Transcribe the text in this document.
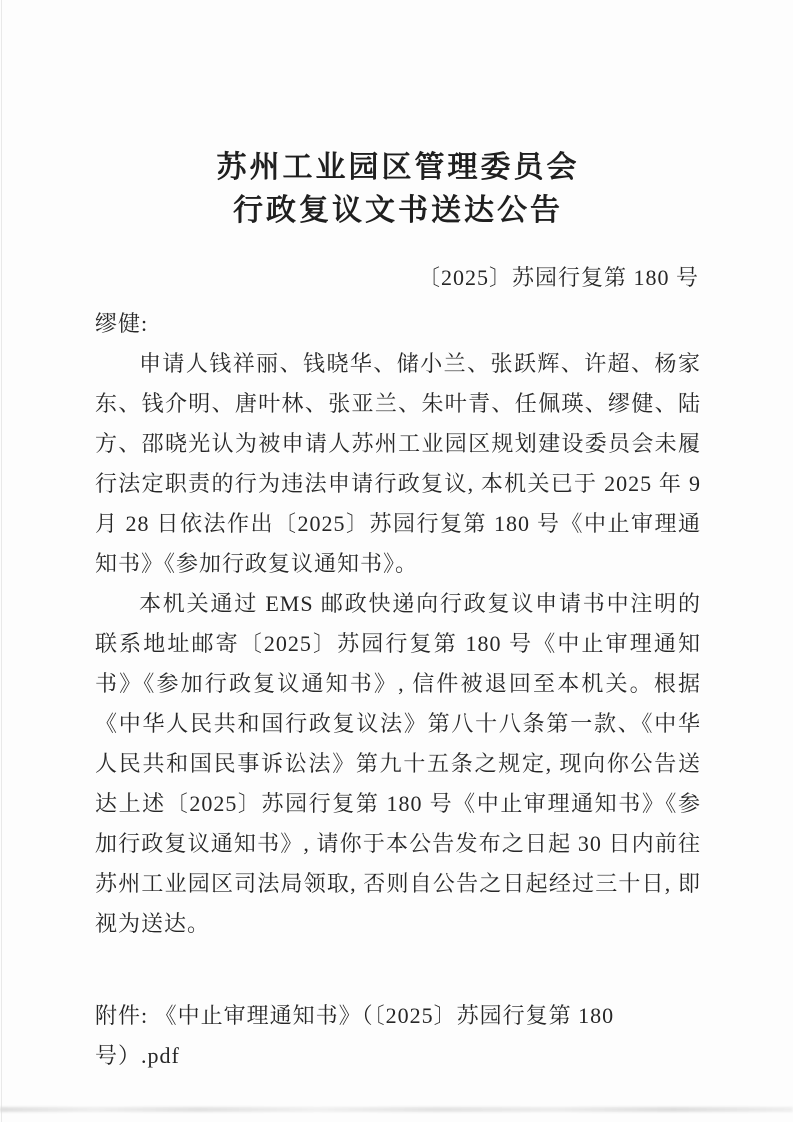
苏州工业园区管理委员会
行政复议文书送达公告
〔2025〕苏园行复第 180 号
缪健:

申请人钱祥丽、钱晓华、储小兰、张跃辉、许超、杨家东、钱介明、唐叶林、张亚兰、朱叶青、任佩瑛、缪健、陆方、邵晓光认为被申请人苏州工业园区规划建设委员会未履行法定职责的行为违法申请行政复议, 本机关已于 2025 年 9 月 28 日依法作出〔2025〕苏园行复第 180 号《中止审理通知书》《参加行政复议通知书》。

本机关通过 EMS 邮政快递向行政复议申请书中注明的联系地址邮寄〔2025〕苏园行复第 180 号《中止审理通知书》《参加行政复议通知书》, 信件被退回至本机关。根据《中华人民共和国行政复议法》第八十八条第一款、《中华人民共和国民事诉讼法》第九十五条之规定, 现向你公告送达上述〔2025〕苏园行复第 180 号《中止审理通知书》《参加行政复议通知书》, 请你于本公告发布之日起 30 日内前往苏州工业园区司法局领取, 否则自公告之日起经过三十日, 即视为送达。

附件: 《中止审理通知书》（〔2025〕苏园行复第 180 号）.pdf
